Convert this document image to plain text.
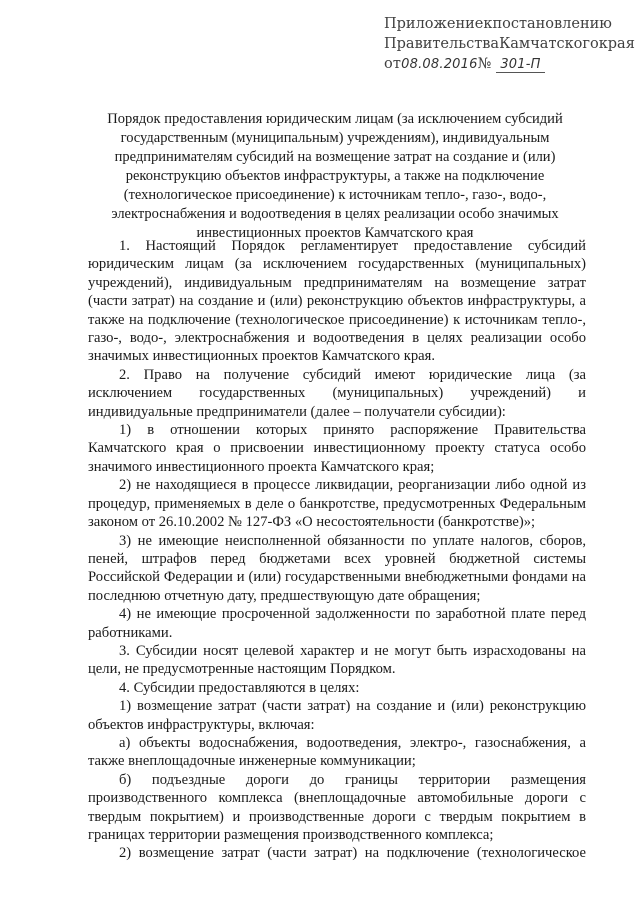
Приложение к постановлению
Правительства Камчатского края
от08.08.2016№ 301-П
Порядок предоставления юридическим лицам (за исключением субсидий государственным (муниципальным) учреждениям), индивидуальным предпринимателям субсидий на возмещение затрат на создание и (или) реконструкцию объектов инфраструктуры, а также на подключение (технологическое присоединение) к источникам тепло-, газо-, водо-, электроснабжения и водоотведения в целях реализации особо значимых инвестиционных проектов Камчатского края

1. Настоящий Порядок регламентирует предоставление субсидий юридическим лицам (за исключением государственных (муниципальных) учреждений), индивидуальным предпринимателям на возмещение затрат (части затрат) на создание и (или) реконструкцию объектов инфраструктуры, а также на подключение (технологическое присоединение) к источникам тепло-, газо-, водо-, электроснабжения и водоотведения в целях реализации особо значимых инвестиционных проектов Камчатского края.

2. Право на получение субсидий имеют юридические лица (за исключением государственных (муниципальных) учреждений) и индивидуальные предприниматели (далее – получатели субсидии):

1) в отношении которых принято распоряжение Правительства Камчатского края о присвоении инвестиционному проекту статуса особо значимого инвестиционного проекта Камчатского края;

2) не находящиеся в процессе ликвидации, реорганизации либо одной из процедур, применяемых в деле о банкротстве, предусмотренных Федеральным законом от 26.10.2002 № 127-ФЗ «О несостоятельности (банкротстве)»;

3) не имеющие неисполненной обязанности по уплате налогов, сборов, пеней, штрафов перед бюджетами всех уровней бюджетной системы Российской Федерации и (или) государственными внебюджетными фондами на последнюю отчетную дату, предшествующую дате обращения;

4) не имеющие просроченной задолженности по заработной плате перед работниками.

3. Субсидии носят целевой характер и не могут быть израсходованы на цели, не предусмотренные настоящим Порядком.

4. Субсидии предоставляются в целях:

1) возмещение затрат (части затрат) на создание и (или) реконструкцию объектов инфраструктуры, включая:

а) объекты водоснабжения, водоотведения, электро-, газоснабжения, а также внеплощадочные инженерные коммуникации;

б) подъездные дороги до границы территории размещения производственного комплекса (внеплощадочные автомобильные дороги с твердым покрытием) и производственные дороги с твердым покрытием в границах территории размещения производственного комплекса;

2) возмещение затрат (части затрат) на подключение (технологическое
